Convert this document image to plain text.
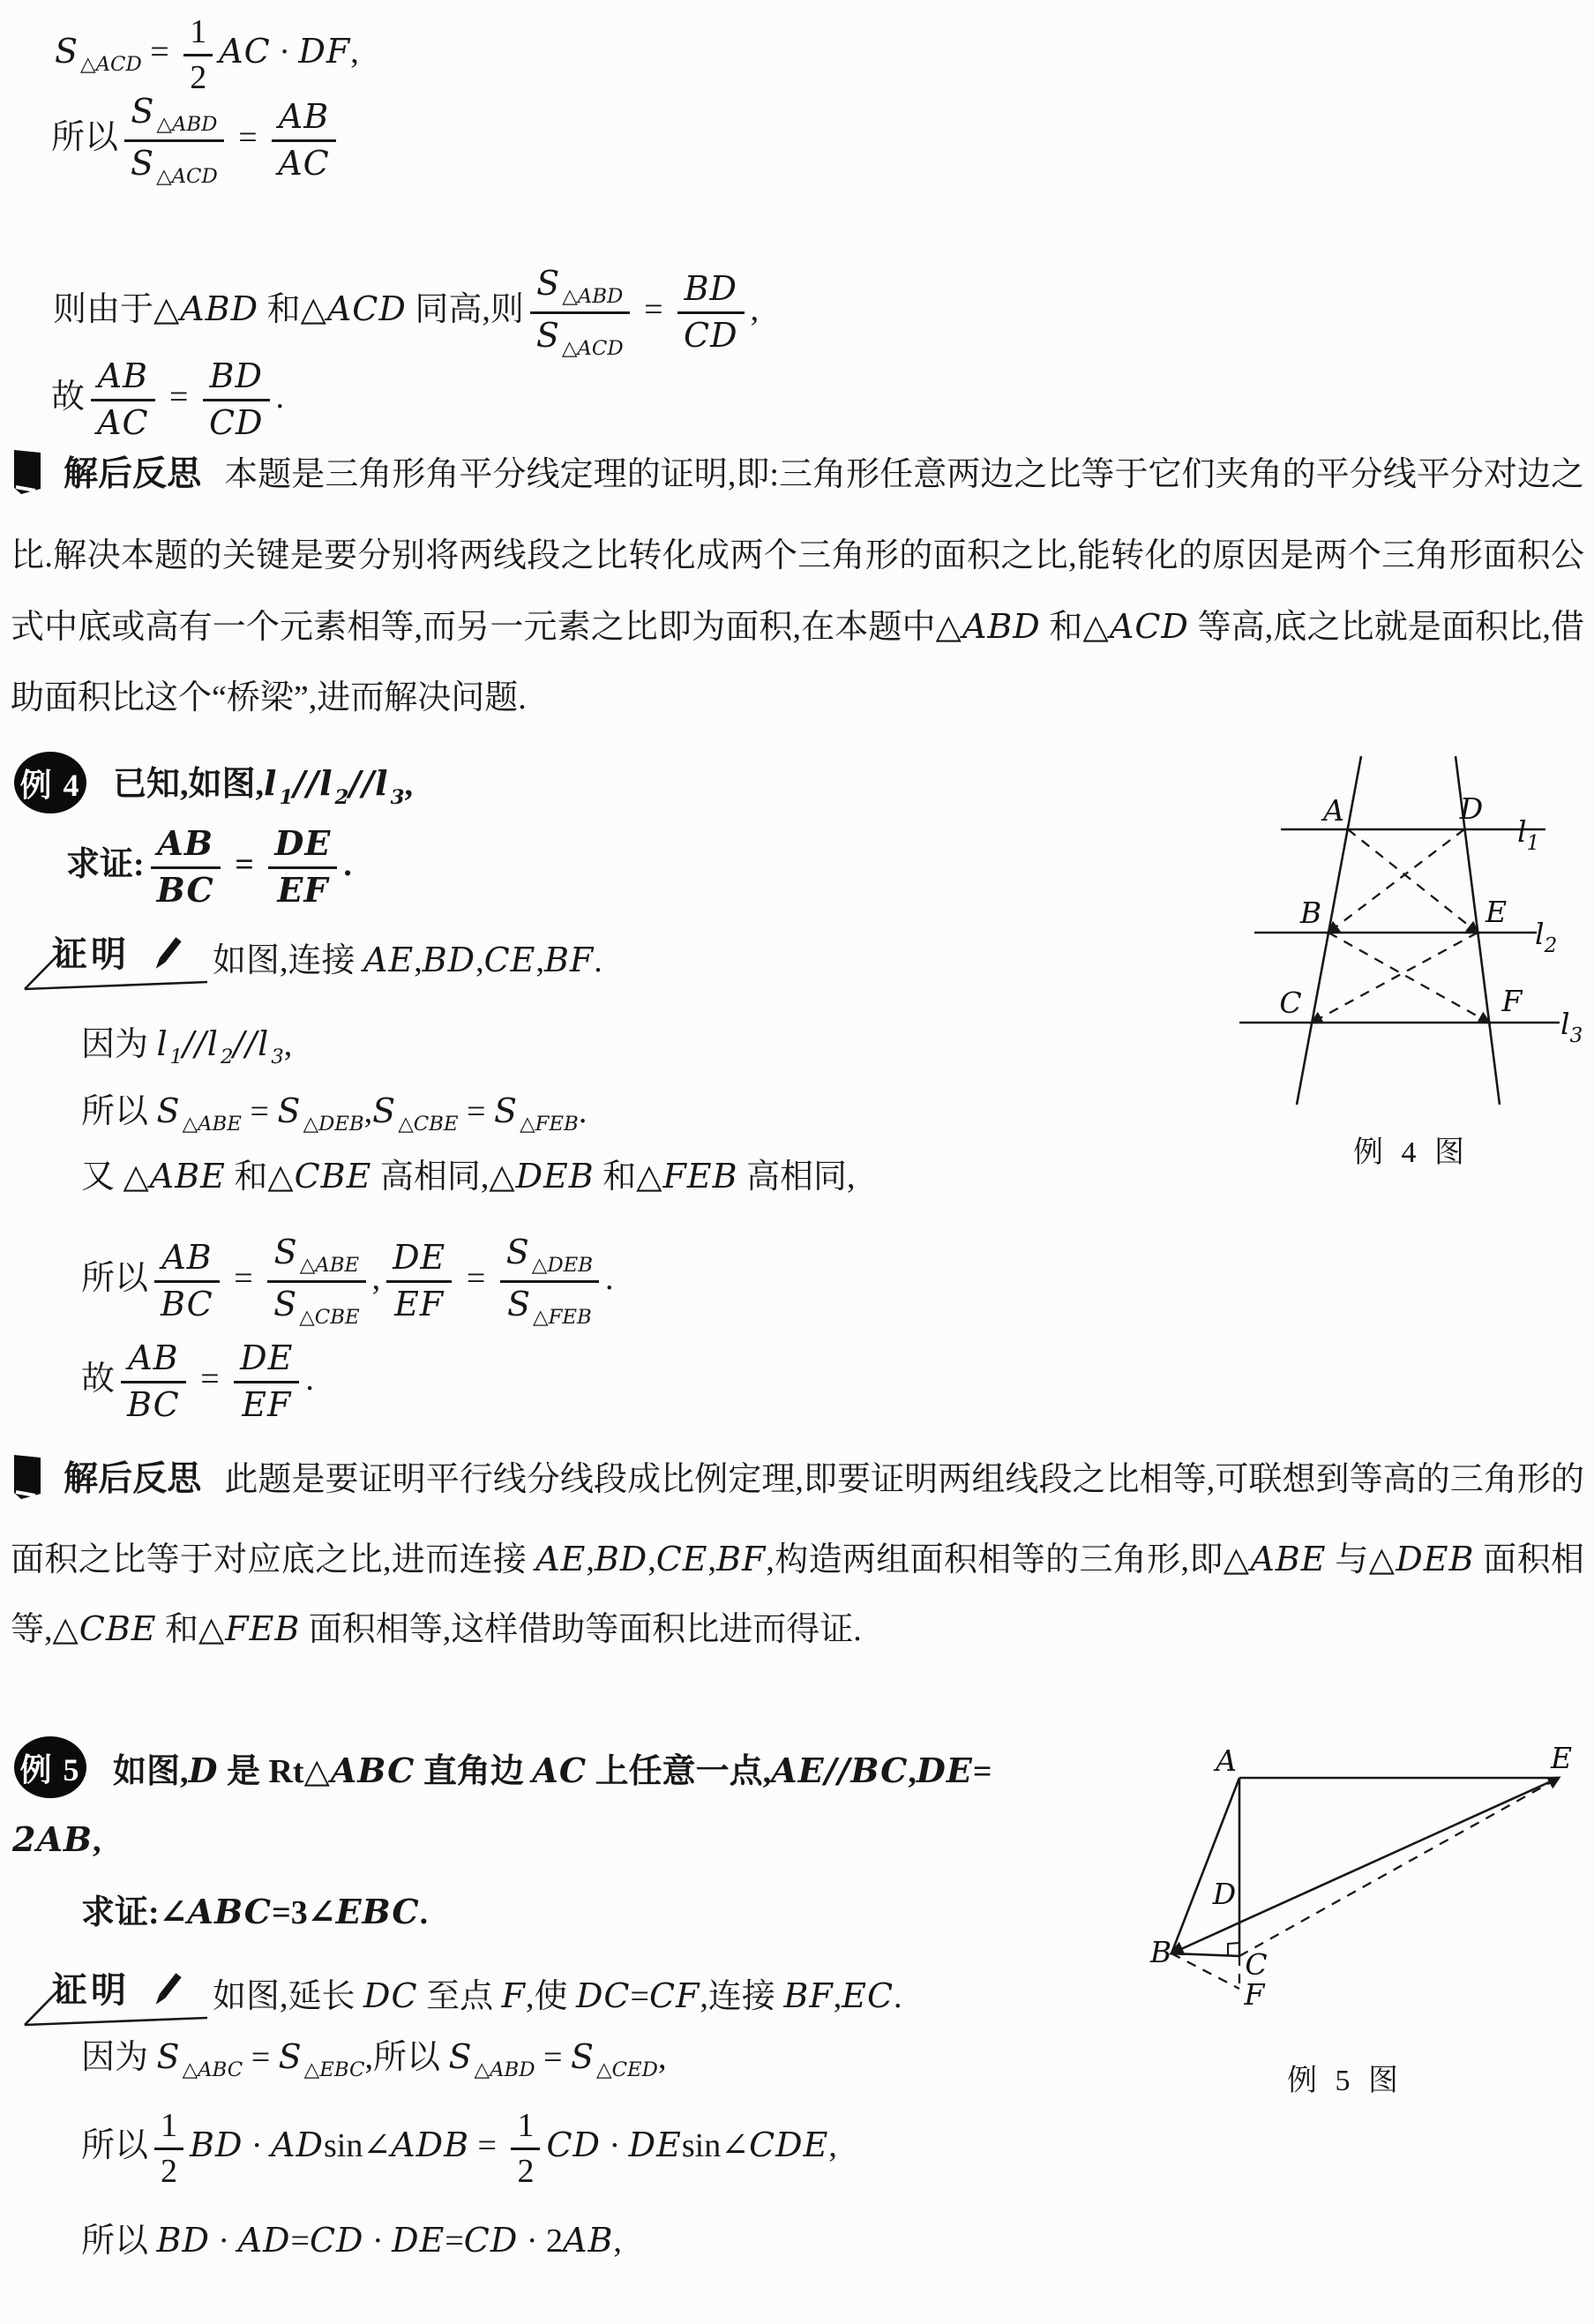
$S_{\triangle ACD} = \frac{1}{2}$ AC · DF,
所以
$S_{\triangle ABD}$
$S_{\triangle ACD}$
= $\frac{AB}{AC}$
则由于△ABD 和△ACD 同高,则
$S_{\triangle ABD}$
$S_{\triangle ACD}$
= $\frac{BD}{CD}$ ,
故 $\frac{AB}{AC} = \frac{BD}{CD}$ .
解后反思 本题是三角形角平分线定理的证明,即:三角形任意两边之比等于它们夹角的平分线平分对边之比.解决本题的关键是要分别将两线段之比转化成两个三角形的面积之比,能转化的原因是两个三角形面积公式中底或高有一个元素相等,而另一元素之比即为面积,在本题中△ABD 和△ACD 等高,底之比就是面积比,借助面积比这个“桥梁”,进而解决问题.
例 4 已知,如图$,l_1//l_2//l_3$,
求证: $\frac{AB}{BC} = \frac{DE}{EF}$ .
A	D
B	E
C	F
$l_1$
$l_2$
$l_3$
例 4 图
证明 如图,连接 AE,BD,CE,BF.
因为 $l_1//l_2//l_3$,
所以 $S_{\triangle ABE} = S_{\triangle DEB},S_{\triangle CBE} = S_{\triangle FEB}$.
又 △ABE 和△CBE 高相同,△DEB 和△FEB 高相同,
所以 $\frac{AB}{BC}$ =
$S_{\triangle ABE}$
$S_{\triangle CBE}$
, $\frac{DE}{EF}$ =
$S_{\triangle DEB}$
$S_{\triangle FEB}$
.
故 $\frac{AB}{BC} = \frac{DE}{EF}$ .
解后反思 此题是要证明平行线分线段成比例定理,即要证明两组线段之比相等,可联想到等高的三角形的面积之比等于对应底之比,进而连接 AE,BD,CE,BF,构造两组面积相等的三角形,即△ABE 与△DEB 面积相等,△CBE 和△FEB 面积相等,这样借助等面积比进而得证.
例 5 如图,D 是 Rt△ABC 直角边 AC 上任意一点,AE//BC,DE=
2AB,
求证:∠ABC=3∠EBC.
A	E
D
B	C
F
例 5 图
证明 如图,延长 DC 至点 F,使 DC=CF,连接 BF,EC.
因为 $S_{\triangle ABC} = S_{\triangle EBC}$,所以 $S_{\triangle ABD} = S_{\triangle CED}$,
所以 $\frac{1}{2}$ BD · ADsin∠ADB = $\frac{1}{2}$ CD · DEsin∠CDE,
所以 BD · AD=CD · DE=CD · 2AB,
